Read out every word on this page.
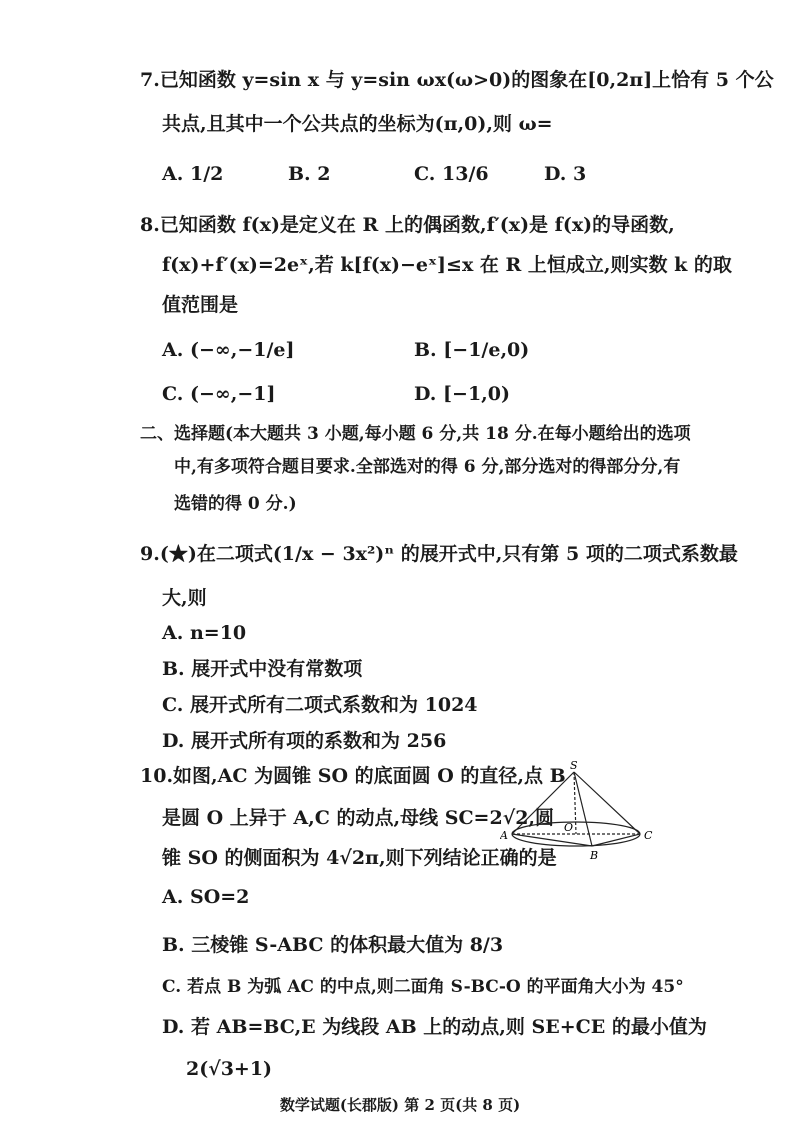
7.已知函数 y=sin x 与 y=sin ωx(ω>0)的图象在[0,2π]上恰有 5 个公
共点,且其中一个公共点的坐标为(π,0),则 ω=
A. 1/2	B. 2	C. 13/6	D. 3
8.已知函数 f(x)是定义在 R 上的偶函数,f′(x)是 f(x)的导函数,
f(x)+f′(x)=2eˣ,若 k[f(x)−eˣ]≤x 在 R 上恒成立,则实数 k 的取
值范围是
A. (−∞,−1/e]	B. [−1/e,0)
C. (−∞,−1]	D. [−1,0)
二、选择题(本大题共 3 小题,每小题 6 分,共 18 分.在每小题给出的选项
中,有多项符合题目要求.全部选对的得 6 分,部分选对的得部分分,有
选错的得 0 分.)
9.(★)在二项式(1/x − 3x²)ⁿ 的展开式中,只有第 5 项的二项式系数最
大,则
A. n=10
B. 展开式中没有常数项
C. 展开式所有二项式系数和为 1024
D. 展开式所有项的系数和为 256
10.如图,AC 为圆锥 SO 的底面圆 O 的直径,点 B
是圆 O 上异于 A,C 的动点,母线 SC=2√2,圆
锥 SO 的侧面积为 4√2π,则下列结论正确的是
S
A	C
O
B
A. SO=2
B. 三棱锥 S-ABC 的体积最大值为 8/3
C. 若点 B 为弧 AC 的中点,则二面角 S-BC-O 的平面角大小为 45°
D. 若 AB=BC,E 为线段 AB 上的动点,则 SE+CE 的最小值为
2(√3+1)
数学试题(长郡版) 第 2 页(共 8 页)
